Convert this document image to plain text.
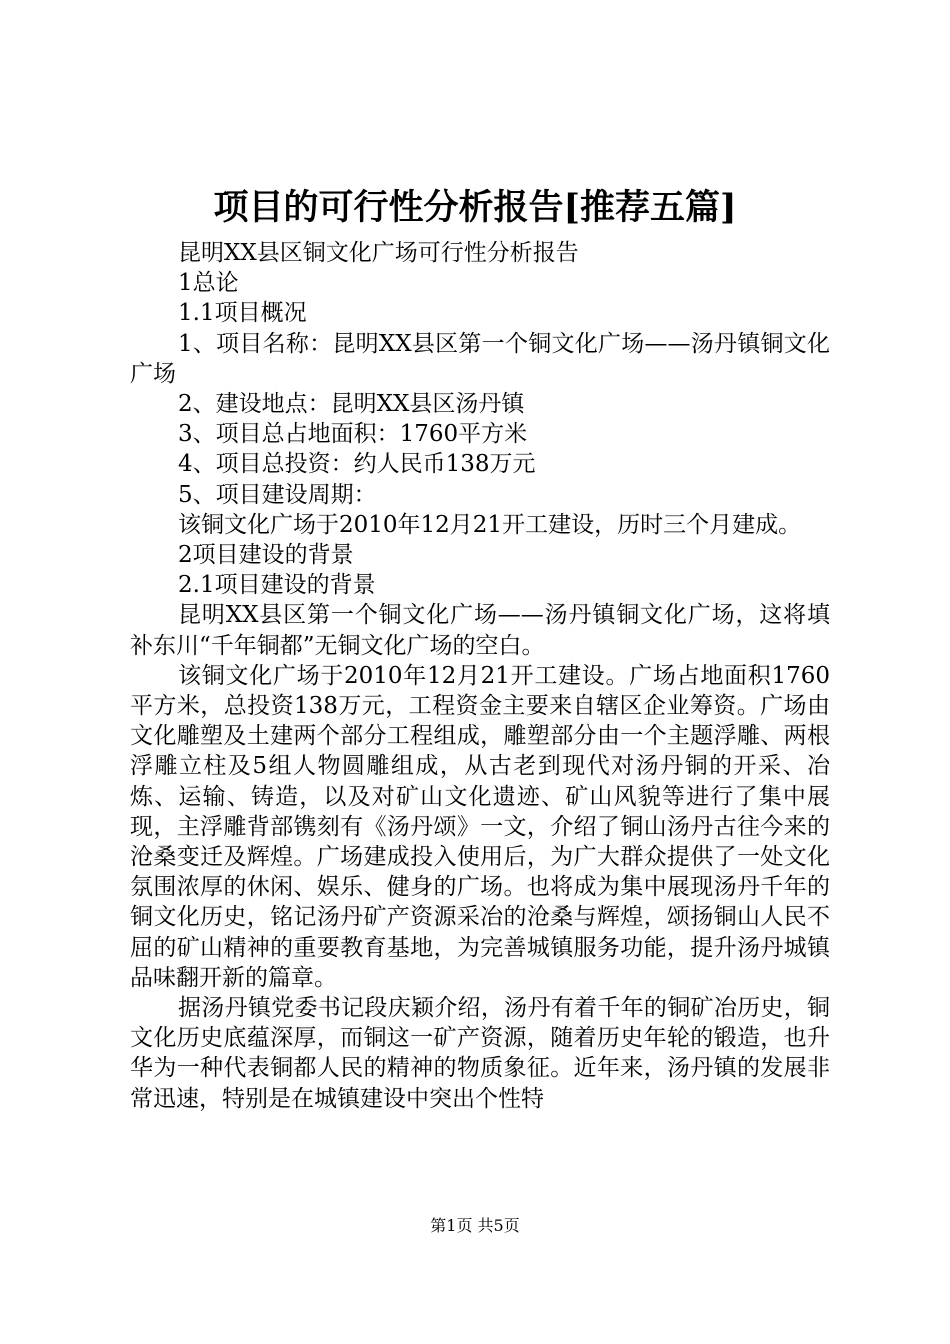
项目的可行性分析报告[推荐五篇]

昆明XX县区铜文化广场可行性分析报告

1总论

1.1项目概况

1、项目名称：昆明XX县区第一个铜文化广场——汤丹镇铜文化广场

2、建设地点：昆明XX县区汤丹镇

3、项目总占地面积：1760平方米

4、项目总投资：约人民币138万元

5、项目建设周期：

该铜文化广场于2010年12月21开工建设，历时三个月建成。

2项目建设的背景

2.1项目建设的背景

昆明XX县区第一个铜文化广场——汤丹镇铜文化广场，这将填补东川“千年铜都”无铜文化广场的空白。

该铜文化广场于2010年12月21开工建设。广场占地面积1760平方米，总投资138万元，工程资金主要来自辖区企业筹资。广场由文化雕塑及土建两个部分工程组成，雕塑部分由一个主题浮雕、两根浮雕立柱及5组人物圆雕组成，从古老到现代对汤丹铜的开采、冶炼、运输、铸造，以及对矿山文化遗迹、矿山风貌等进行了集中展现，主浮雕背部镌刻有《汤丹颂》一文，介绍了铜山汤丹古往今来的沧桑变迁及辉煌。广场建成投入使用后，为广大群众提供了一处文化氛围浓厚的休闲、娱乐、健身的广场。也将成为集中展现汤丹千年的铜文化历史，铭记汤丹矿产资源采冶的沧桑与辉煌，颂扬铜山人民不屈的矿山精神的重要教育基地，为完善城镇服务功能，提升汤丹城镇品味翻开新的篇章。

据汤丹镇党委书记段庆颖介绍，汤丹有着千年的铜矿冶历史，铜文化历史底蕴深厚，而铜这一矿产资源，随着历史年轮的锻造，也升华为一种代表铜都人民的精神的物质象征。近年来，汤丹镇的发展非常迅速，特别是在城镇建设中突出个性特

第1页 共5页
